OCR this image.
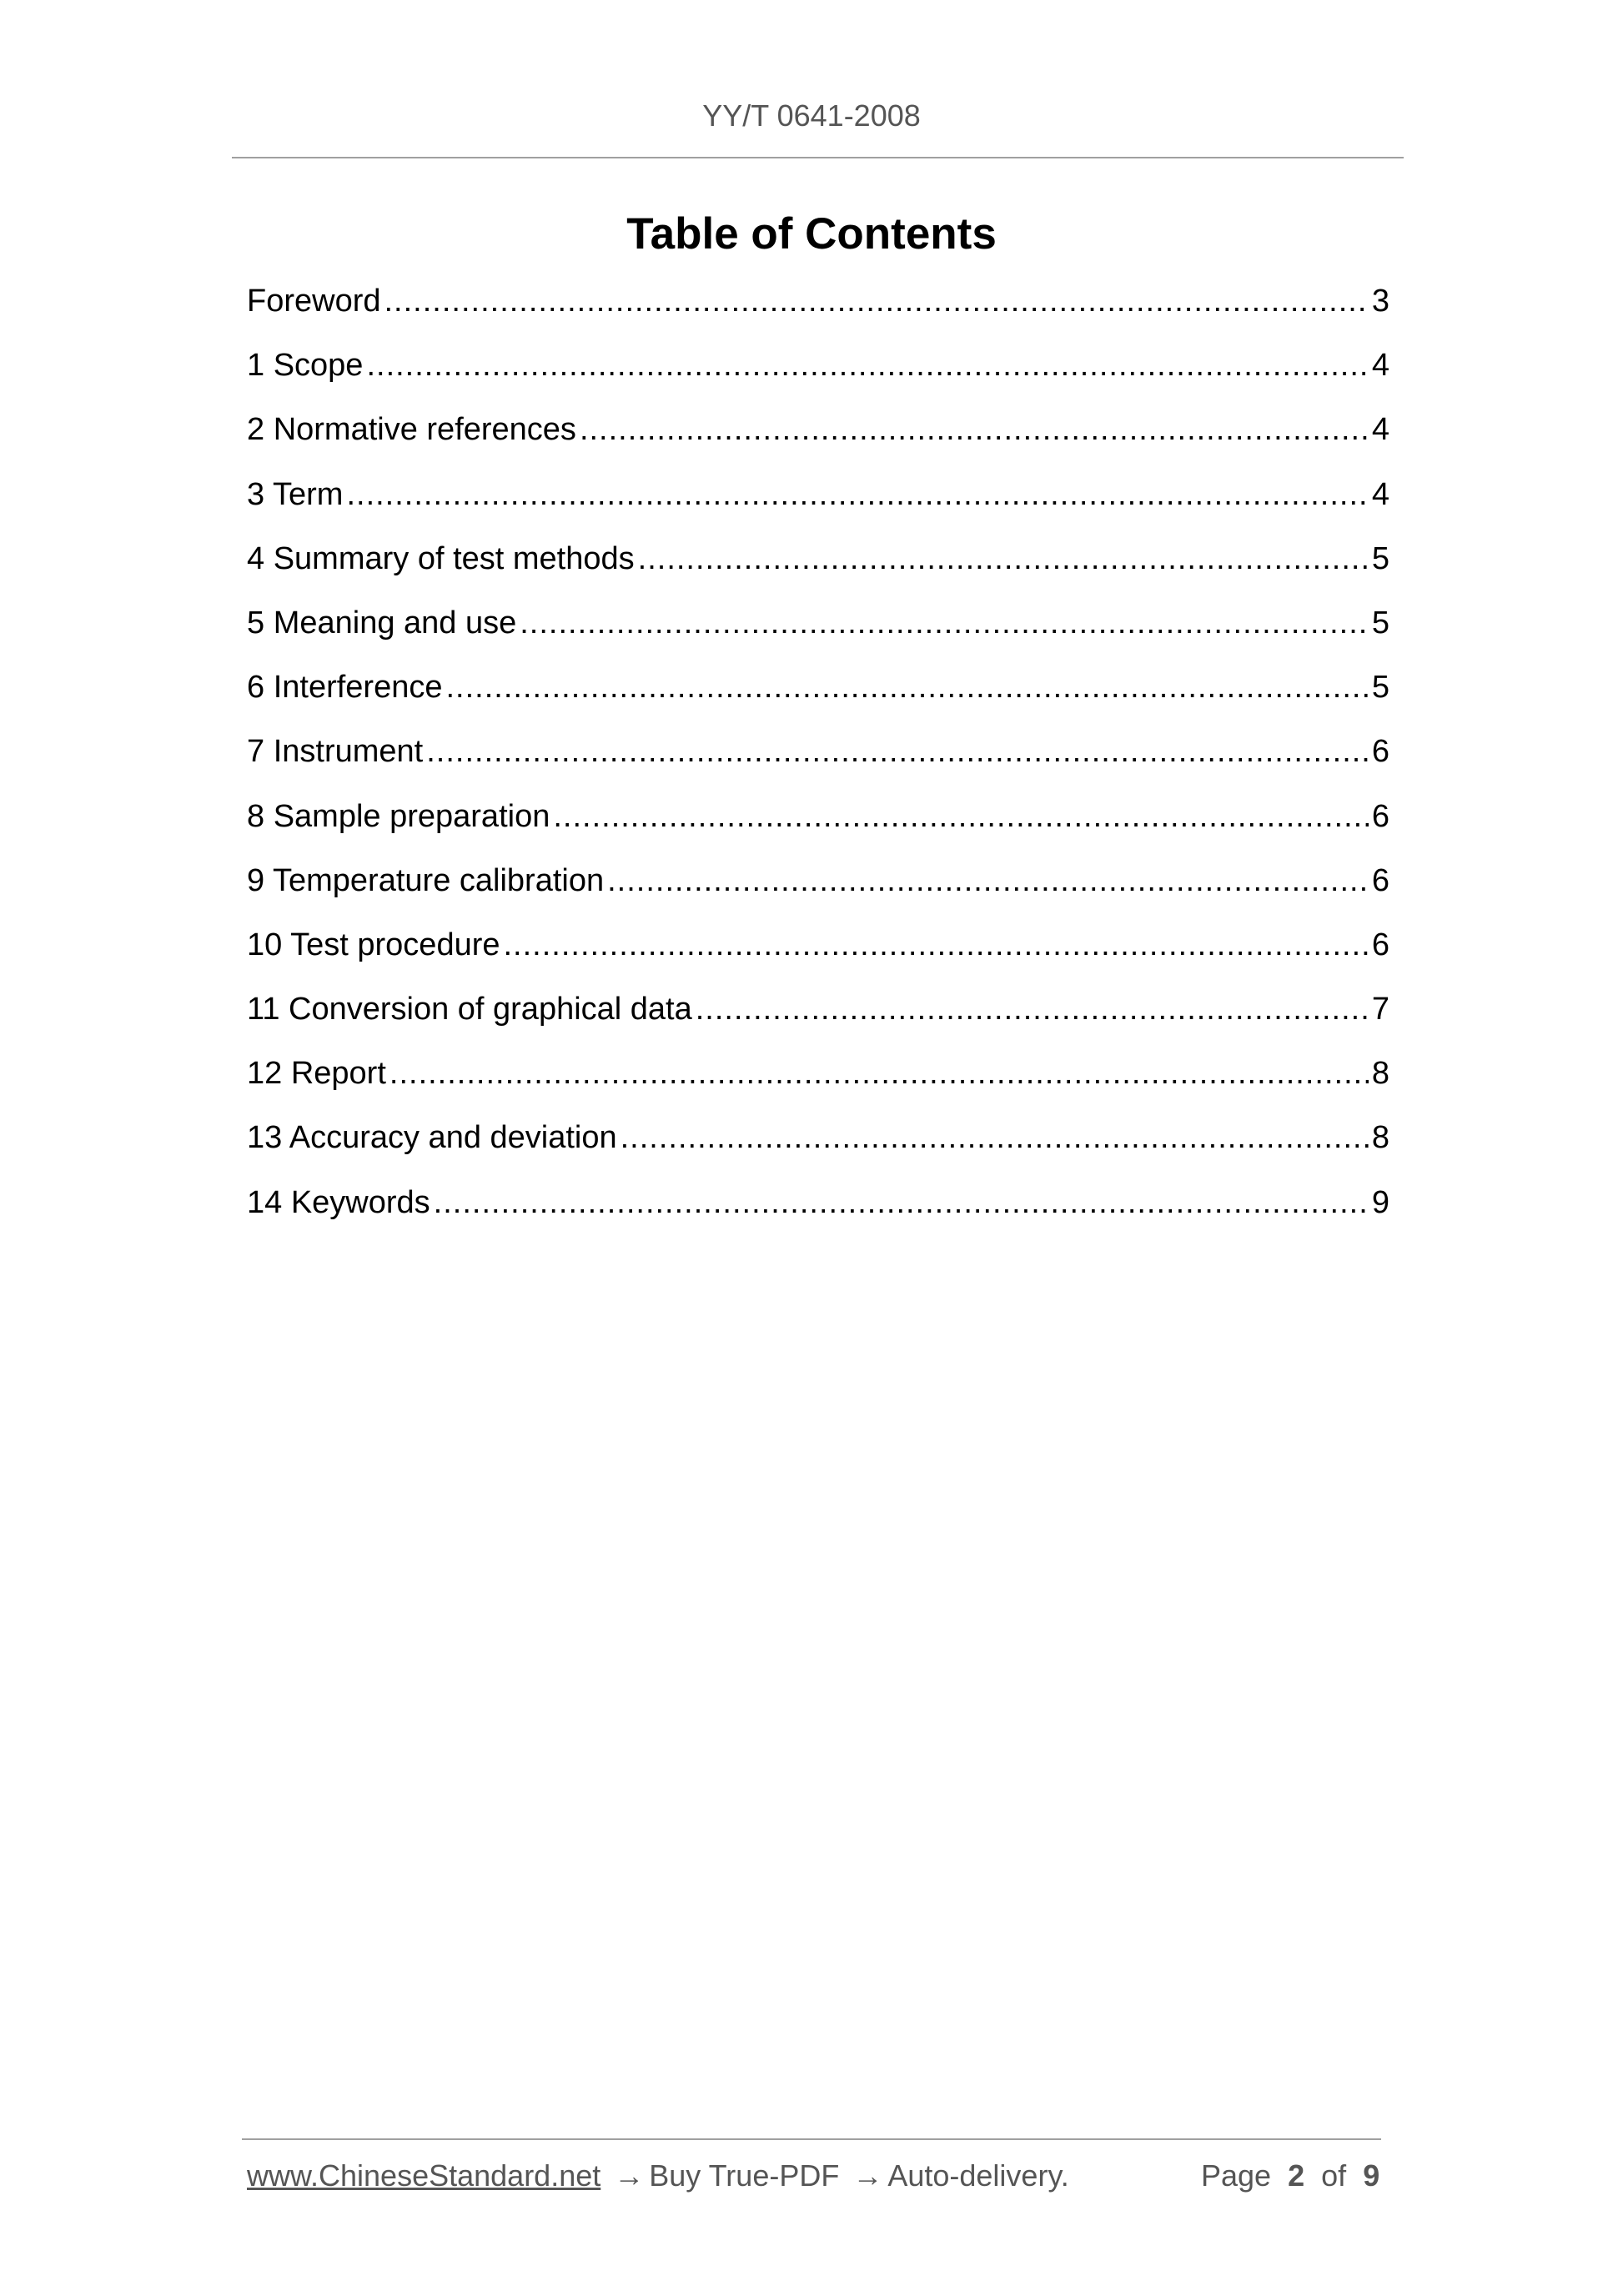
YY/T 0641-2008
Table of Contents
Foreword .....	3
1 Scope .....	4
2 Normative references .....	4
3 Term .....	4
4 Summary of test methods .....	5
5 Meaning and use .....	5
6 Interference .....	5
7 Instrument .....	6
8 Sample preparation .....	6
9 Temperature calibration .....	6
10 Test procedure .....	6
11 Conversion of graphical data .....	7
12 Report .....	8
13 Accuracy and deviation .....	8
14 Keywords .....	9
www.ChineseStandard.net → Buy True-PDF → Auto-delivery.	Page 2 of 9
